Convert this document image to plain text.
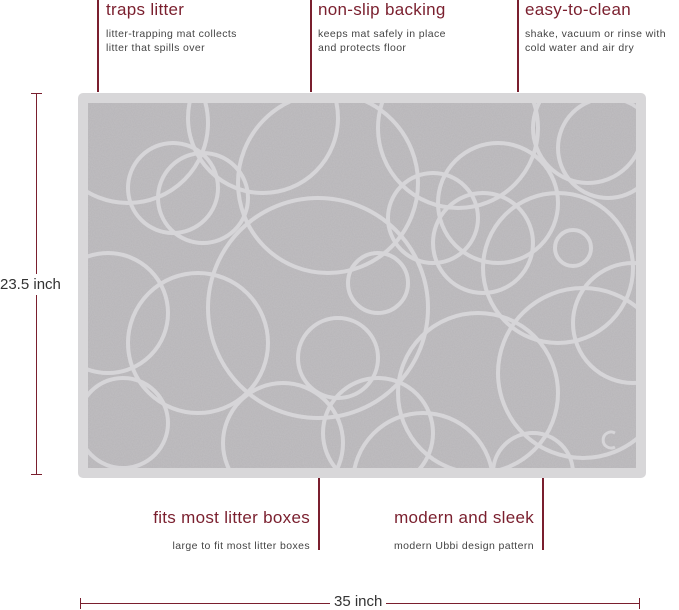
traps litter
litter-trapping mat collects
litter that spills over
non-slip backing
keeps mat safely in place
and protects floor
easy-to-clean
shake, vacuum or rinse with
cold water and air dry
23.5 inch
fits most litter boxes
large to fit most litter boxes
modern and sleek
modern Ubbi design pattern
35 inch
